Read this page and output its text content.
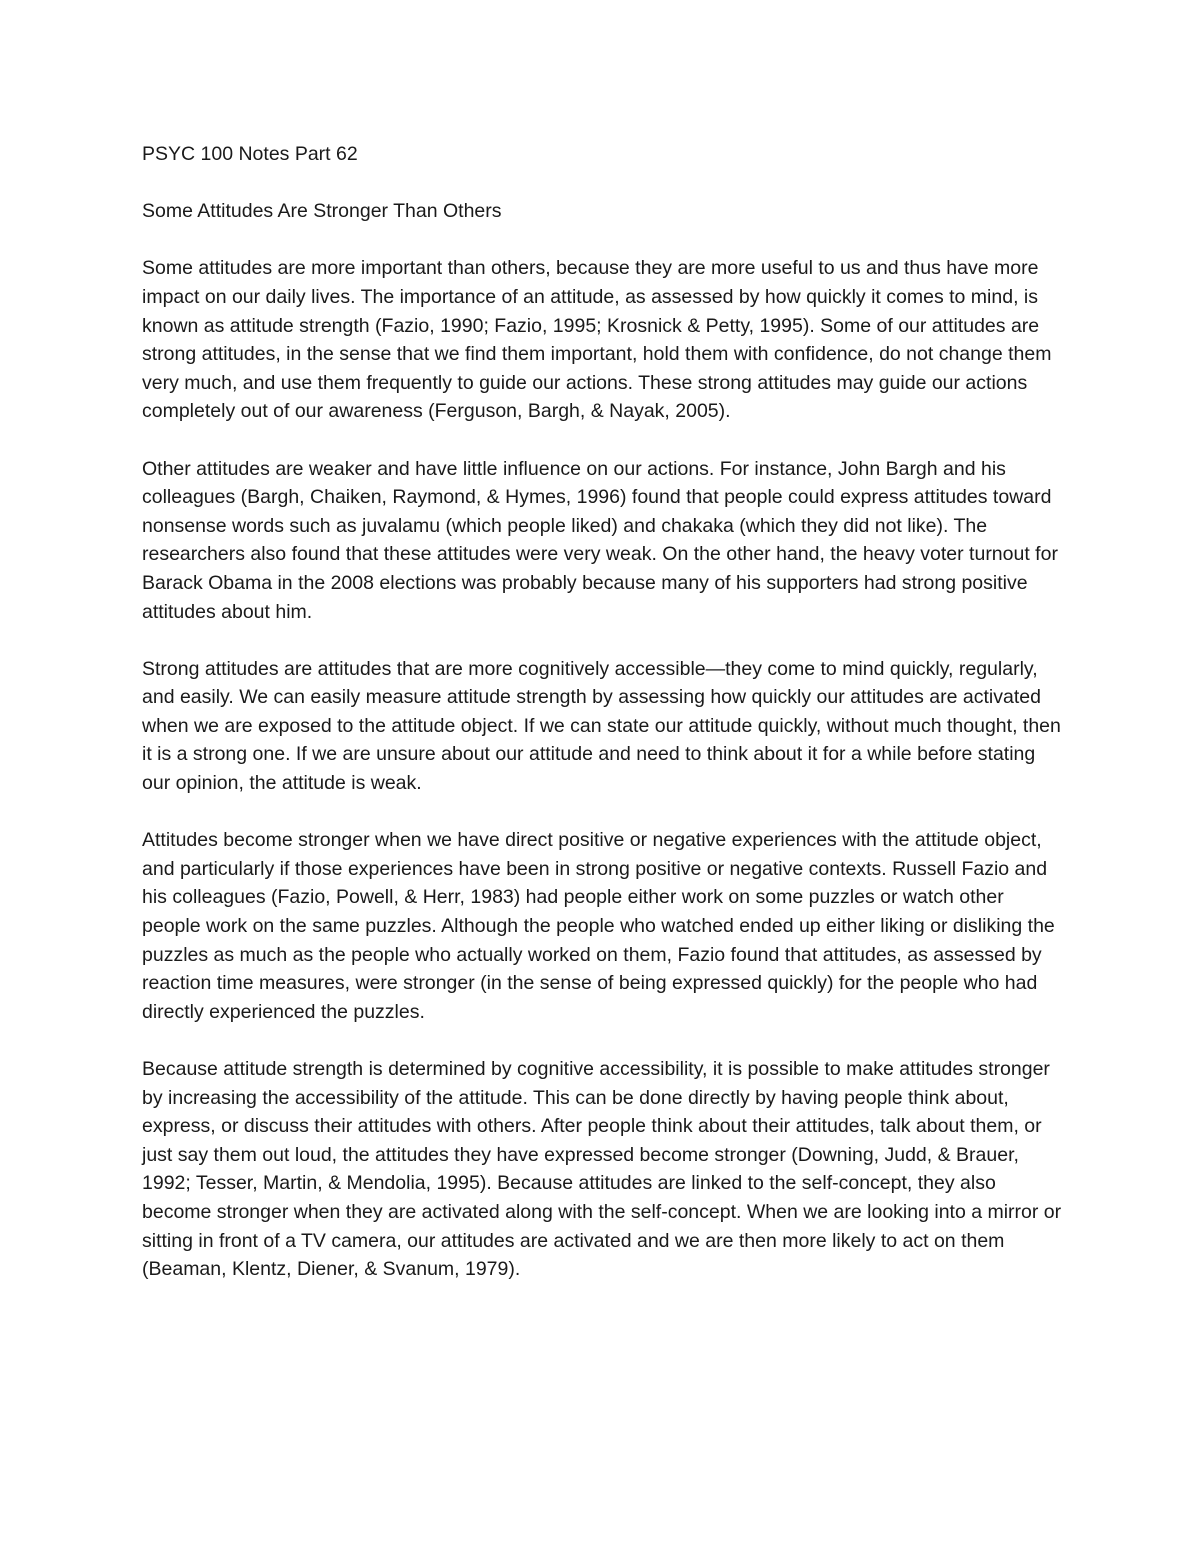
PSYC 100 Notes Part 62

Some Attitudes Are Stronger Than Others

Some attitudes are more important than others, because they are more useful to us and thus have more impact on our daily lives. The importance of an attitude, as assessed by how quickly it comes to mind, is known as attitude strength (Fazio, 1990; Fazio, 1995; Krosnick & Petty, 1995). Some of our attitudes are strong attitudes, in the sense that we find them important, hold them with confidence, do not change them very much, and use them frequently to guide our actions. These strong attitudes may guide our actions completely out of our awareness (Ferguson, Bargh, & Nayak, 2005).

Other attitudes are weaker and have little influence on our actions. For instance, John Bargh and his colleagues (Bargh, Chaiken, Raymond, & Hymes, 1996) found that people could express attitudes toward nonsense words such as juvalamu (which people liked) and chakaka (which they did not like). The researchers also found that these attitudes were very weak. On the other hand, the heavy voter turnout for Barack Obama in the 2008 elections was probably because many of his supporters had strong positive attitudes about him.

Strong attitudes are attitudes that are more cognitively accessible—they come to mind quickly, regularly, and easily. We can easily measure attitude strength by assessing how quickly our attitudes are activated when we are exposed to the attitude object. If we can state our attitude quickly, without much thought, then it is a strong one. If we are unsure about our attitude and need to think about it for a while before stating our opinion, the attitude is weak.

Attitudes become stronger when we have direct positive or negative experiences with the attitude object, and particularly if those experiences have been in strong positive or negative contexts. Russell Fazio and his colleagues (Fazio, Powell, & Herr, 1983) had people either work on some puzzles or watch other people work on the same puzzles. Although the people who watched ended up either liking or disliking the puzzles as much as the people who actually worked on them, Fazio found that attitudes, as assessed by reaction time measures, were stronger (in the sense of being expressed quickly) for the people who had directly experienced the puzzles.

Because attitude strength is determined by cognitive accessibility, it is possible to make attitudes stronger by increasing the accessibility of the attitude. This can be done directly by having people think about, express, or discuss their attitudes with others. After people think about their attitudes, talk about them, or just say them out loud, the attitudes they have expressed become stronger (Downing, Judd, & Brauer, 1992; Tesser, Martin, & Mendolia, 1995). Because attitudes are linked to the self-concept, they also become stronger when they are activated along with the self-concept. When we are looking into a mirror or sitting in front of a TV camera, our attitudes are activated and we are then more likely to act on them (Beaman, Klentz, Diener, & Svanum, 1979).
